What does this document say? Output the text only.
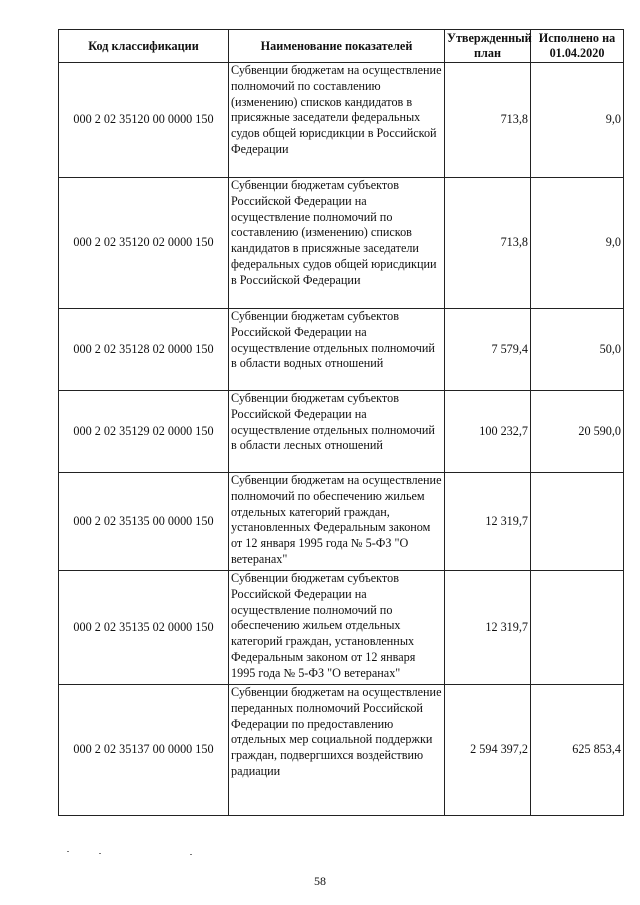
Код классификации	Наименование показателей	Утвержденный план	Исполнено на 01.04.2020
000 2 02 35120 00 0000 150	Субвенции бюджетам на осуществление полномочий по составлению (изменению) списков кандидатов в присяжные заседатели федеральных судов общей юрисдикции в Российской Федерации	713,8	9,0
000 2 02 35120 02 0000 150	Субвенции бюджетам субъектов Российской Федерации на осуществление полномочий по составлению (изменению) списков кандидатов в присяжные заседатели федеральных судов общей юрисдикции в Российской Федерации	713,8	9,0
000 2 02 35128 02 0000 150	Субвенции бюджетам субъектов Российской Федерации на осуществление отдельных полномочий в области водных отношений	7 579,4	50,0
000 2 02 35129 02 0000 150	Субвенции бюджетам субъектов Российской Федерации на осуществление отдельных полномочий в области лесных отношений	100 232,7	20 590,0
000 2 02 35135 00 0000 150	Субвенции бюджетам на осуществление полномочий по обеспечению жильем отдельных категорий граждан, установленных Федеральным законом от 12 января 1995 года № 5-ФЗ "О ветеранах"	12 319,7	
000 2 02 35135 02 0000 150	Субвенции бюджетам субъектов Российской Федерации на осуществление полномочий по обеспечению жильем отдельных категорий граждан, установленных Федеральным законом от 12 января 1995 года № 5-ФЗ "О ветеранах"	12 319,7	
000 2 02 35137 00 0000 150	Субвенции бюджетам на осуществление переданных полномочий Российской Федерации по предоставлению отдельных мер социальной поддержки граждан, подвергшихся воздействию радиации	2 594 397,2	625 853,4
58
